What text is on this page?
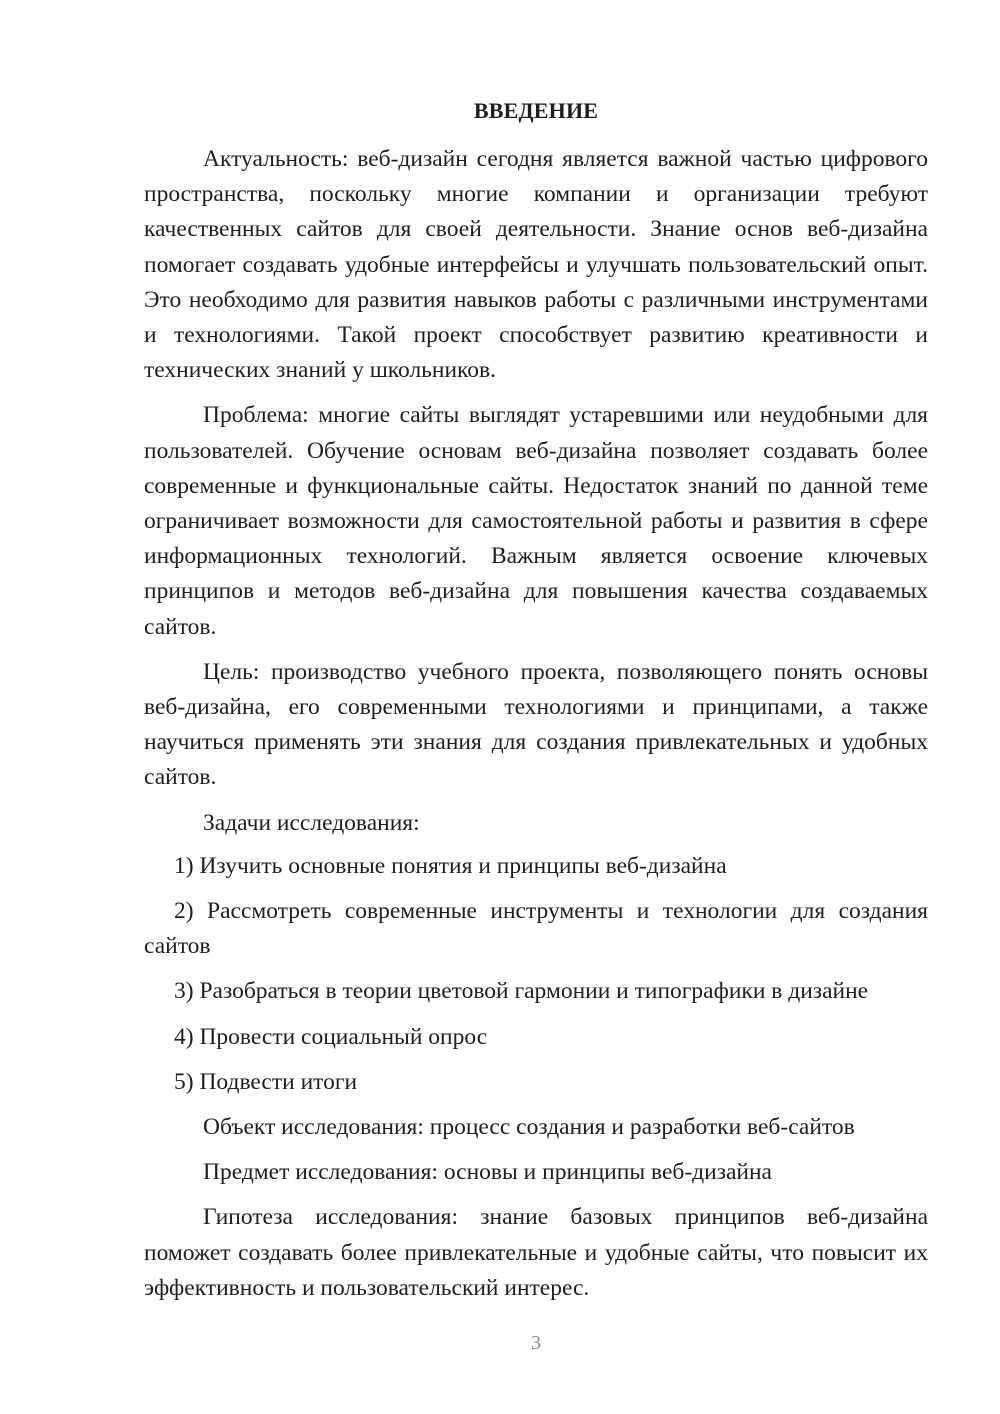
ВВЕДЕНИЕ

Актуальность: веб-дизайн сегодня является важной частью цифрового пространства, поскольку многие компании и организации требуют качественных сайтов для своей деятельности. Знание основ веб-дизайна помогает создавать удобные интерфейсы и улучшать пользовательский опыт. Это необходимо для развития навыков работы с различными инструментами и технологиями. Такой проект способствует развитию креативности и технических знаний у школьников.

Проблема: многие сайты выглядят устаревшими или неудобными для пользователей. Обучение основам веб-дизайна позволяет создавать более современные и функциональные сайты. Недостаток знаний по данной теме ограничивает возможности для самостоятельной работы и развития в сфере информационных технологий. Важным является освоение ключевых принципов и методов веб-дизайна для повышения качества создаваемых сайтов.

Цель: производство учебного проекта, позволяющего понять основы веб-дизайна, его современными технологиями и принципами, а также научиться применять эти знания для создания привлекательных и удобных сайтов.

Задачи исследования:

1) Изучить основные понятия и принципы веб-дизайна

2) Рассмотреть современные инструменты и технологии для создания сайтов

3) Разобраться в теории цветовой гармонии и типографики в дизайне

4) Провести социальный опрос

5) Подвести итоги

Объект исследования: процесс создания и разработки веб-сайтов

Предмет исследования: основы и принципы веб-дизайна

Гипотеза исследования: знание базовых принципов веб-дизайна поможет создавать более привлекательные и удобные сайты, что повысит их эффективность и пользовательский интерес.

3
